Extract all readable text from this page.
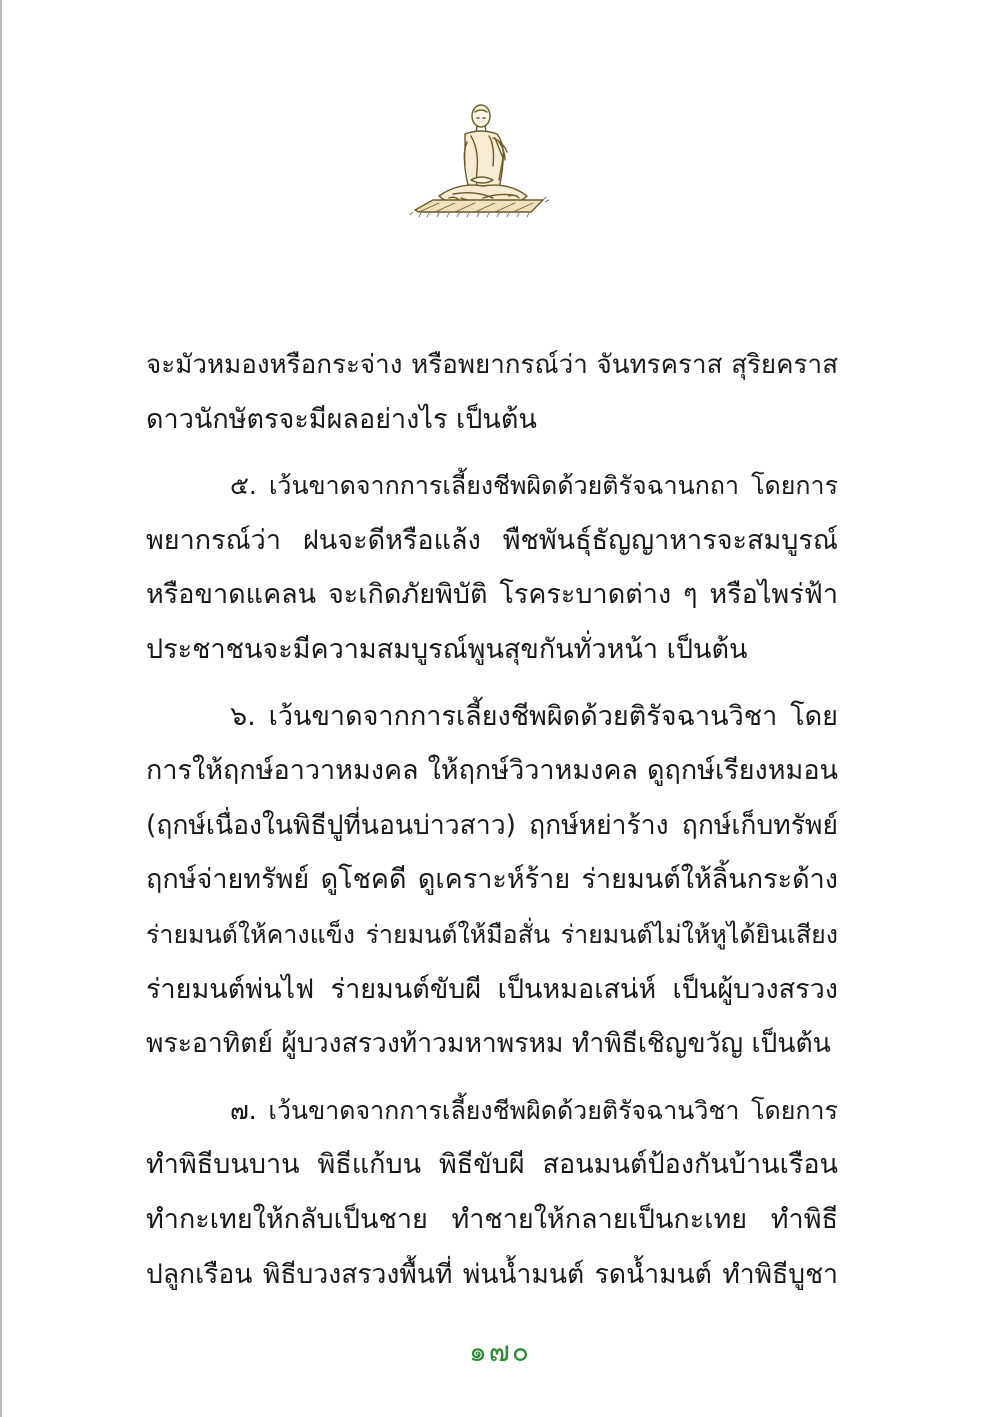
จะมัวหมองหรือกระจ่าง หรือพยากรณ์ว่า จันทรคราส สุริยคราส
ดาวนักษัตรจะมีผลอย่างไร เป็นต้น
๕. เว้นขาดจากการเลี้ยงชีพผิดด้วยติรัจฉานกถา โดยการ
พยากรณ์ว่า ฝนจะดีหรือแล้ง พืชพันธุ์ธัญญาหารจะสมบูรณ์
หรือขาดแคลน จะเกิดภัยพิบัติ โรคระบาดต่าง ๆ หรือไพร่ฟ้า
ประชาชนจะมีความสมบูรณ์พูนสุขกันทั่วหน้า เป็นต้น
๖. เว้นขาดจากการเลี้ยงชีพผิดด้วยติรัจฉานวิชา โดย
การให้ฤกษ์อาวาหมงคล ให้ฤกษ์วิวาหมงคล ดูฤกษ์เรียงหมอน
(ฤกษ์เนื่องในพิธีปูที่นอนบ่าวสาว) ฤกษ์หย่าร้าง ฤกษ์เก็บทรัพย์
ฤกษ์จ่ายทรัพย์ ดูโชคดี ดูเคราะห์ร้าย ร่ายมนต์ให้ลิ้นกระด้าง
ร่ายมนต์ให้คางแข็ง ร่ายมนต์ให้มือสั่น ร่ายมนต์ไม่ให้หูได้ยินเสียง
ร่ายมนต์พ่นไฟ ร่ายมนต์ขับผี เป็นหมอเสน่ห์ เป็นผู้บวงสรวง
พระอาทิตย์ ผู้บวงสรวงท้าวมหาพรหม ทำพิธีเชิญขวัญ เป็นต้น
๗. เว้นขาดจากการเลี้ยงชีพผิดด้วยติรัจฉานวิชา โดยการ
ทำพิธีบนบาน พิธีแก้บน พิธีขับผี สอนมนต์ป้องกันบ้านเรือน
ทำกะเทยให้กลับเป็นชาย ทำชายให้กลายเป็นกะเทย ทำพิธี
ปลูกเรือน พิธีบวงสรวงพื้นที่ พ่นน้ำมนต์ รดน้ำมนต์ ทำพิธีบูชา
๑๗๐
